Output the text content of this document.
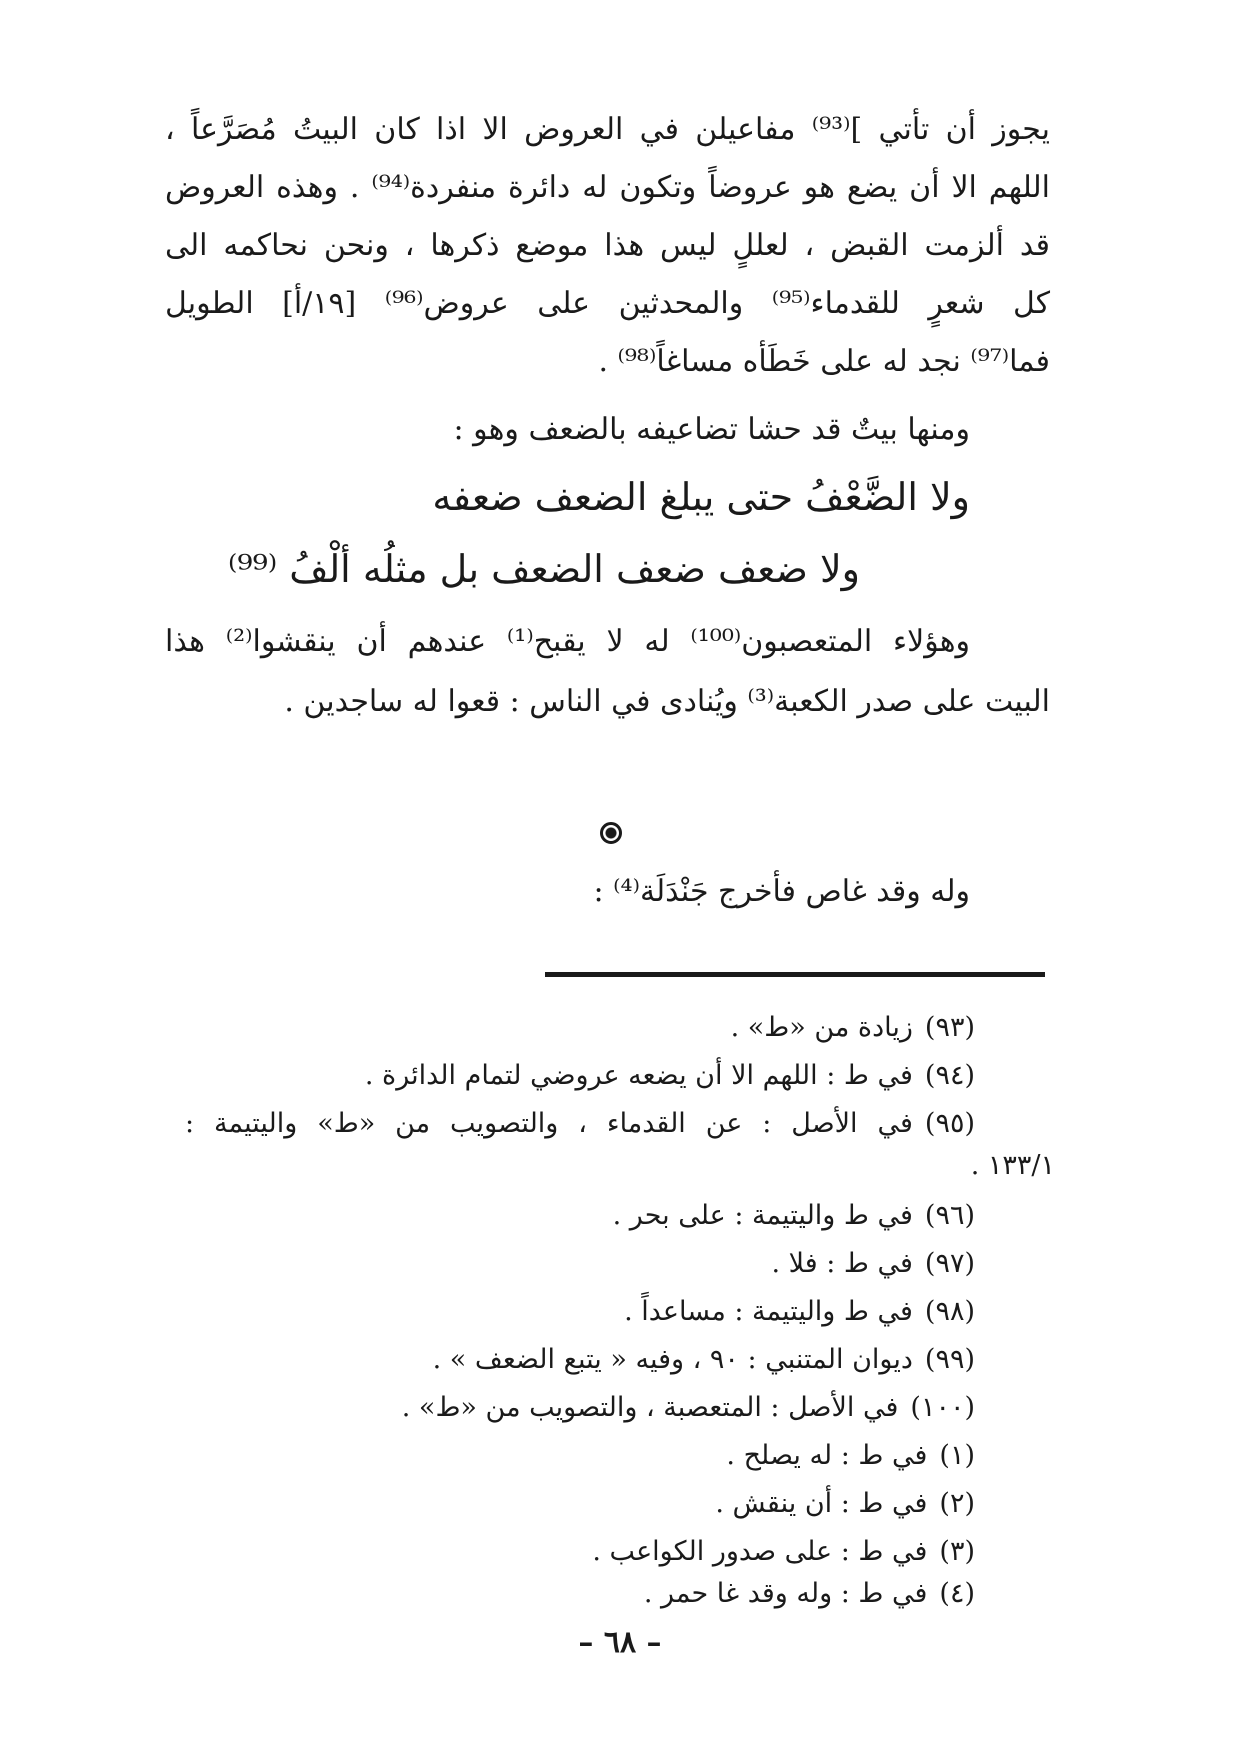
يجوز أن تأتي ]⁽⁹³⁾ مفاعيلن في العروض الا اذا كان البيتُ مُصَرَّعاً ،

اللهم الا أن يضع هو عروضاً وتكون له دائرة منفردة⁽⁹⁴⁾ . وهذه العروض

قد ألزمت القبض ، لعللٍ ليس هذا موضع ذكرها ، ونحن نحاكمه الى

كل شعرٍ للقدماء⁽⁹⁵⁾ والمحدثين على عروض⁽⁹⁶⁾ [١٩/أ] الطويل

فما⁽⁹⁷⁾ نجد له على خَطَأه مساغاً⁽⁹⁸⁾ .

ومنها بيتٌ قد حشا تضاعيفه بالضعف وهو :

ولا الضَّعْفُ حتى يبلغ الضعف ضعفه

ولا ضعف ضعف الضعف بل مثلُه ألْفُ ⁽⁹⁹⁾

وهؤلاء المتعصبون⁽¹⁰⁰⁾ له لا يقبح⁽¹⁾ عندهم أن ينقشوا⁽²⁾ هذا

البيت على صدر الكعبة⁽³⁾ ويُنادى في الناس : قعوا له ساجدين .

وله وقد غاص فأخرج جَنْدَلَة⁽⁴⁾ :

(٩٣)زيادة من «ط» .

(٩٤)في ط : اللهم الا أن يضعه عروضي لتمام الدائرة .

(٩٥)في الأصل : عن القدماء ، والتصويب من «ط» واليتيمة :

١٣٣/١ .

(٩٦)في ط واليتيمة : على بحر .

(٩٧)في ط : فلا .

(٩٨)في ط واليتيمة : مساعداً .

(٩٩)ديوان المتنبي : ٩٠ ، وفيه « يتبع الضعف » .

(١٠٠)في الأصل : المتعصبة ، والتصويب من «ط» .

(١)في ط : له يصلح .

(٢)في ط : أن ينقش .

(٣)في ط : على صدور الكواعب .

(٤)في ط : وله وقد غا حمر .

– ٦٨ –
